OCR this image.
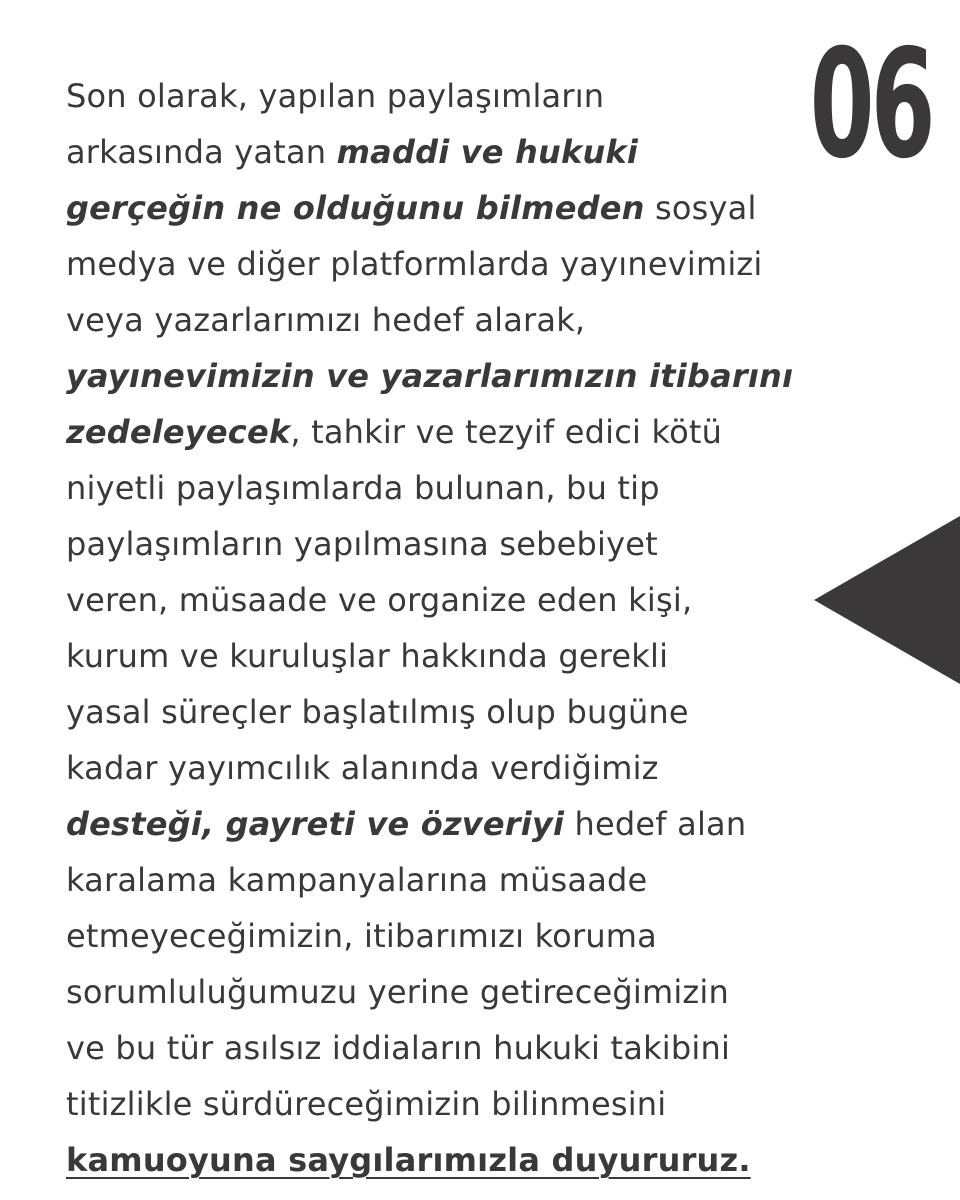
06
Son olarak, yapılan paylaşımların
arkasında yatan maddi ve hukuki
gerçeğin ne olduğunu bilmeden sosyal
medya ve diğer platformlarda yayınevimizi
veya yazarlarımızı hedef alarak,
yayınevimizin ve yazarlarımızın itibarını
zedeleyecek, tahkir ve tezyif edici kötü
niyetli paylaşımlarda bulunan, bu tip
paylaşımların yapılmasına sebebiyet
veren, müsaade ve organize eden kişi,
kurum ve kuruluşlar hakkında gerekli
yasal süreçler başlatılmış olup bugüne
kadar yayımcılık alanında verdiğimiz
desteği, gayreti ve özveriyi hedef alan
karalama kampanyalarına müsaade
etmeyeceğimizin, itibarımızı koruma
sorumluluğumuzu yerine getireceğimizin
ve bu tür asılsız iddiaların hukuki takibini
titizlikle sürdüreceğimizin bilinmesini
kamuoyuna saygılarımızla duyururuz.
